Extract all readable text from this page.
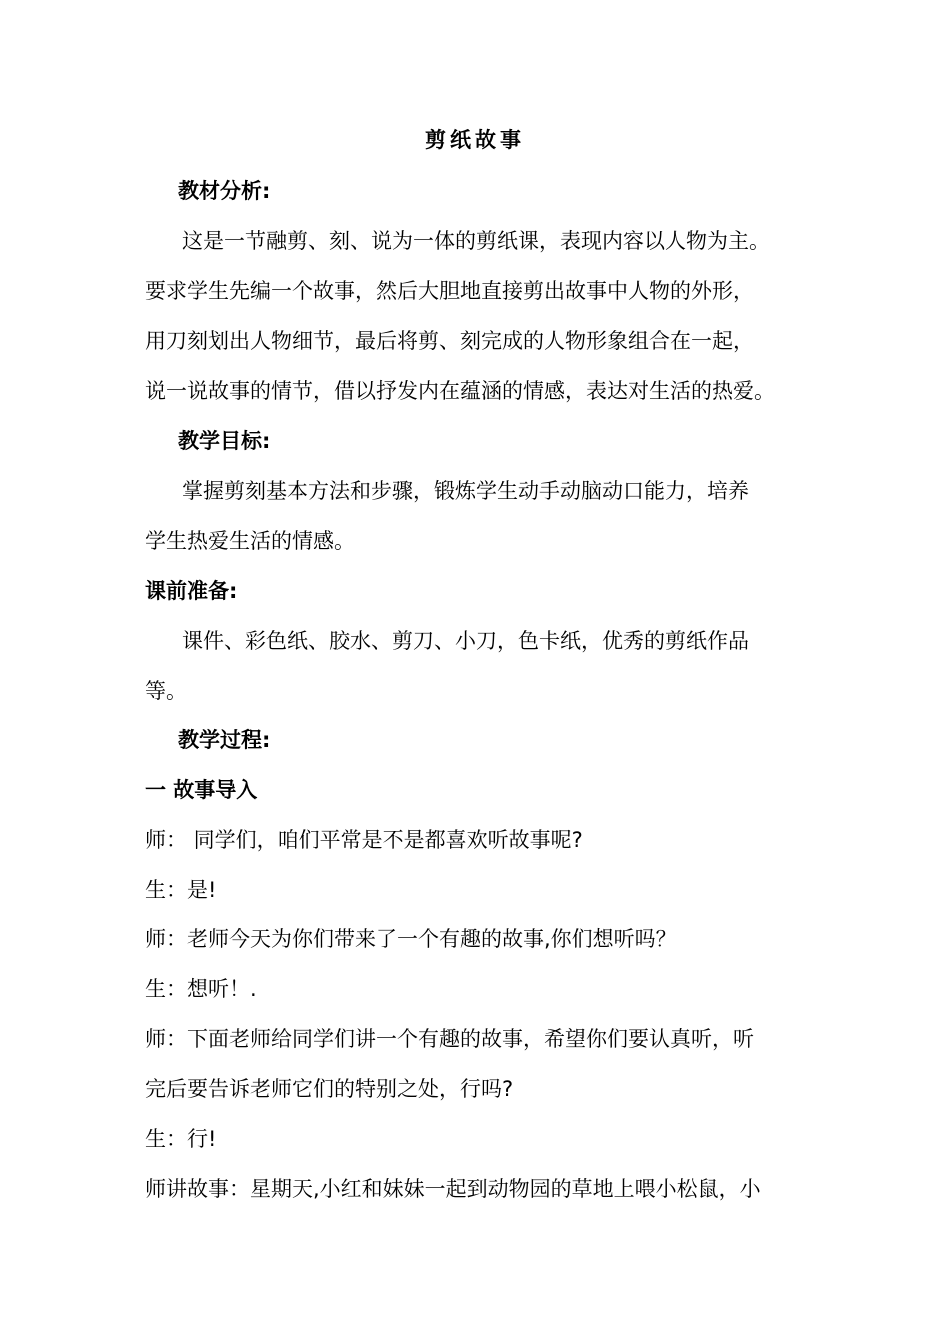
剪纸故事
教材分析:
这是一节融剪、刻、说为一体的剪纸课，表现内容以人物为主。
要求学生先编一个故事，然后大胆地直接剪出故事中人物的外形，
用刀刻划出人物细节，最后将剪、刻完成的人物形象组合在一起，
说一说故事的情节，借以抒发内在蕴涵的情感，表达对生活的热爱。
教学目标:
掌握剪刻基本方法和步骤，锻炼学生动手动脑动口能力，培养
学生热爱生活的情感。
课前准备:
课件、彩色纸、胶水、剪刀、小刀，色卡纸，优秀的剪纸作品
等。
教学过程:
一 故事导入
师： 同学们，咱们平常是不是都喜欢听故事呢?
生：是!
师：老师今天为你们带来了一个有趣的故事,你们想听吗？
生：想听！.
师：下面老师给同学们讲一个有趣的故事，希望你们要认真听，听
完后要告诉老师它们的特别之处，行吗?
生：行!
师讲故事：星期天,小红和妹妹一起到动物园的草地上喂小松鼠，小
